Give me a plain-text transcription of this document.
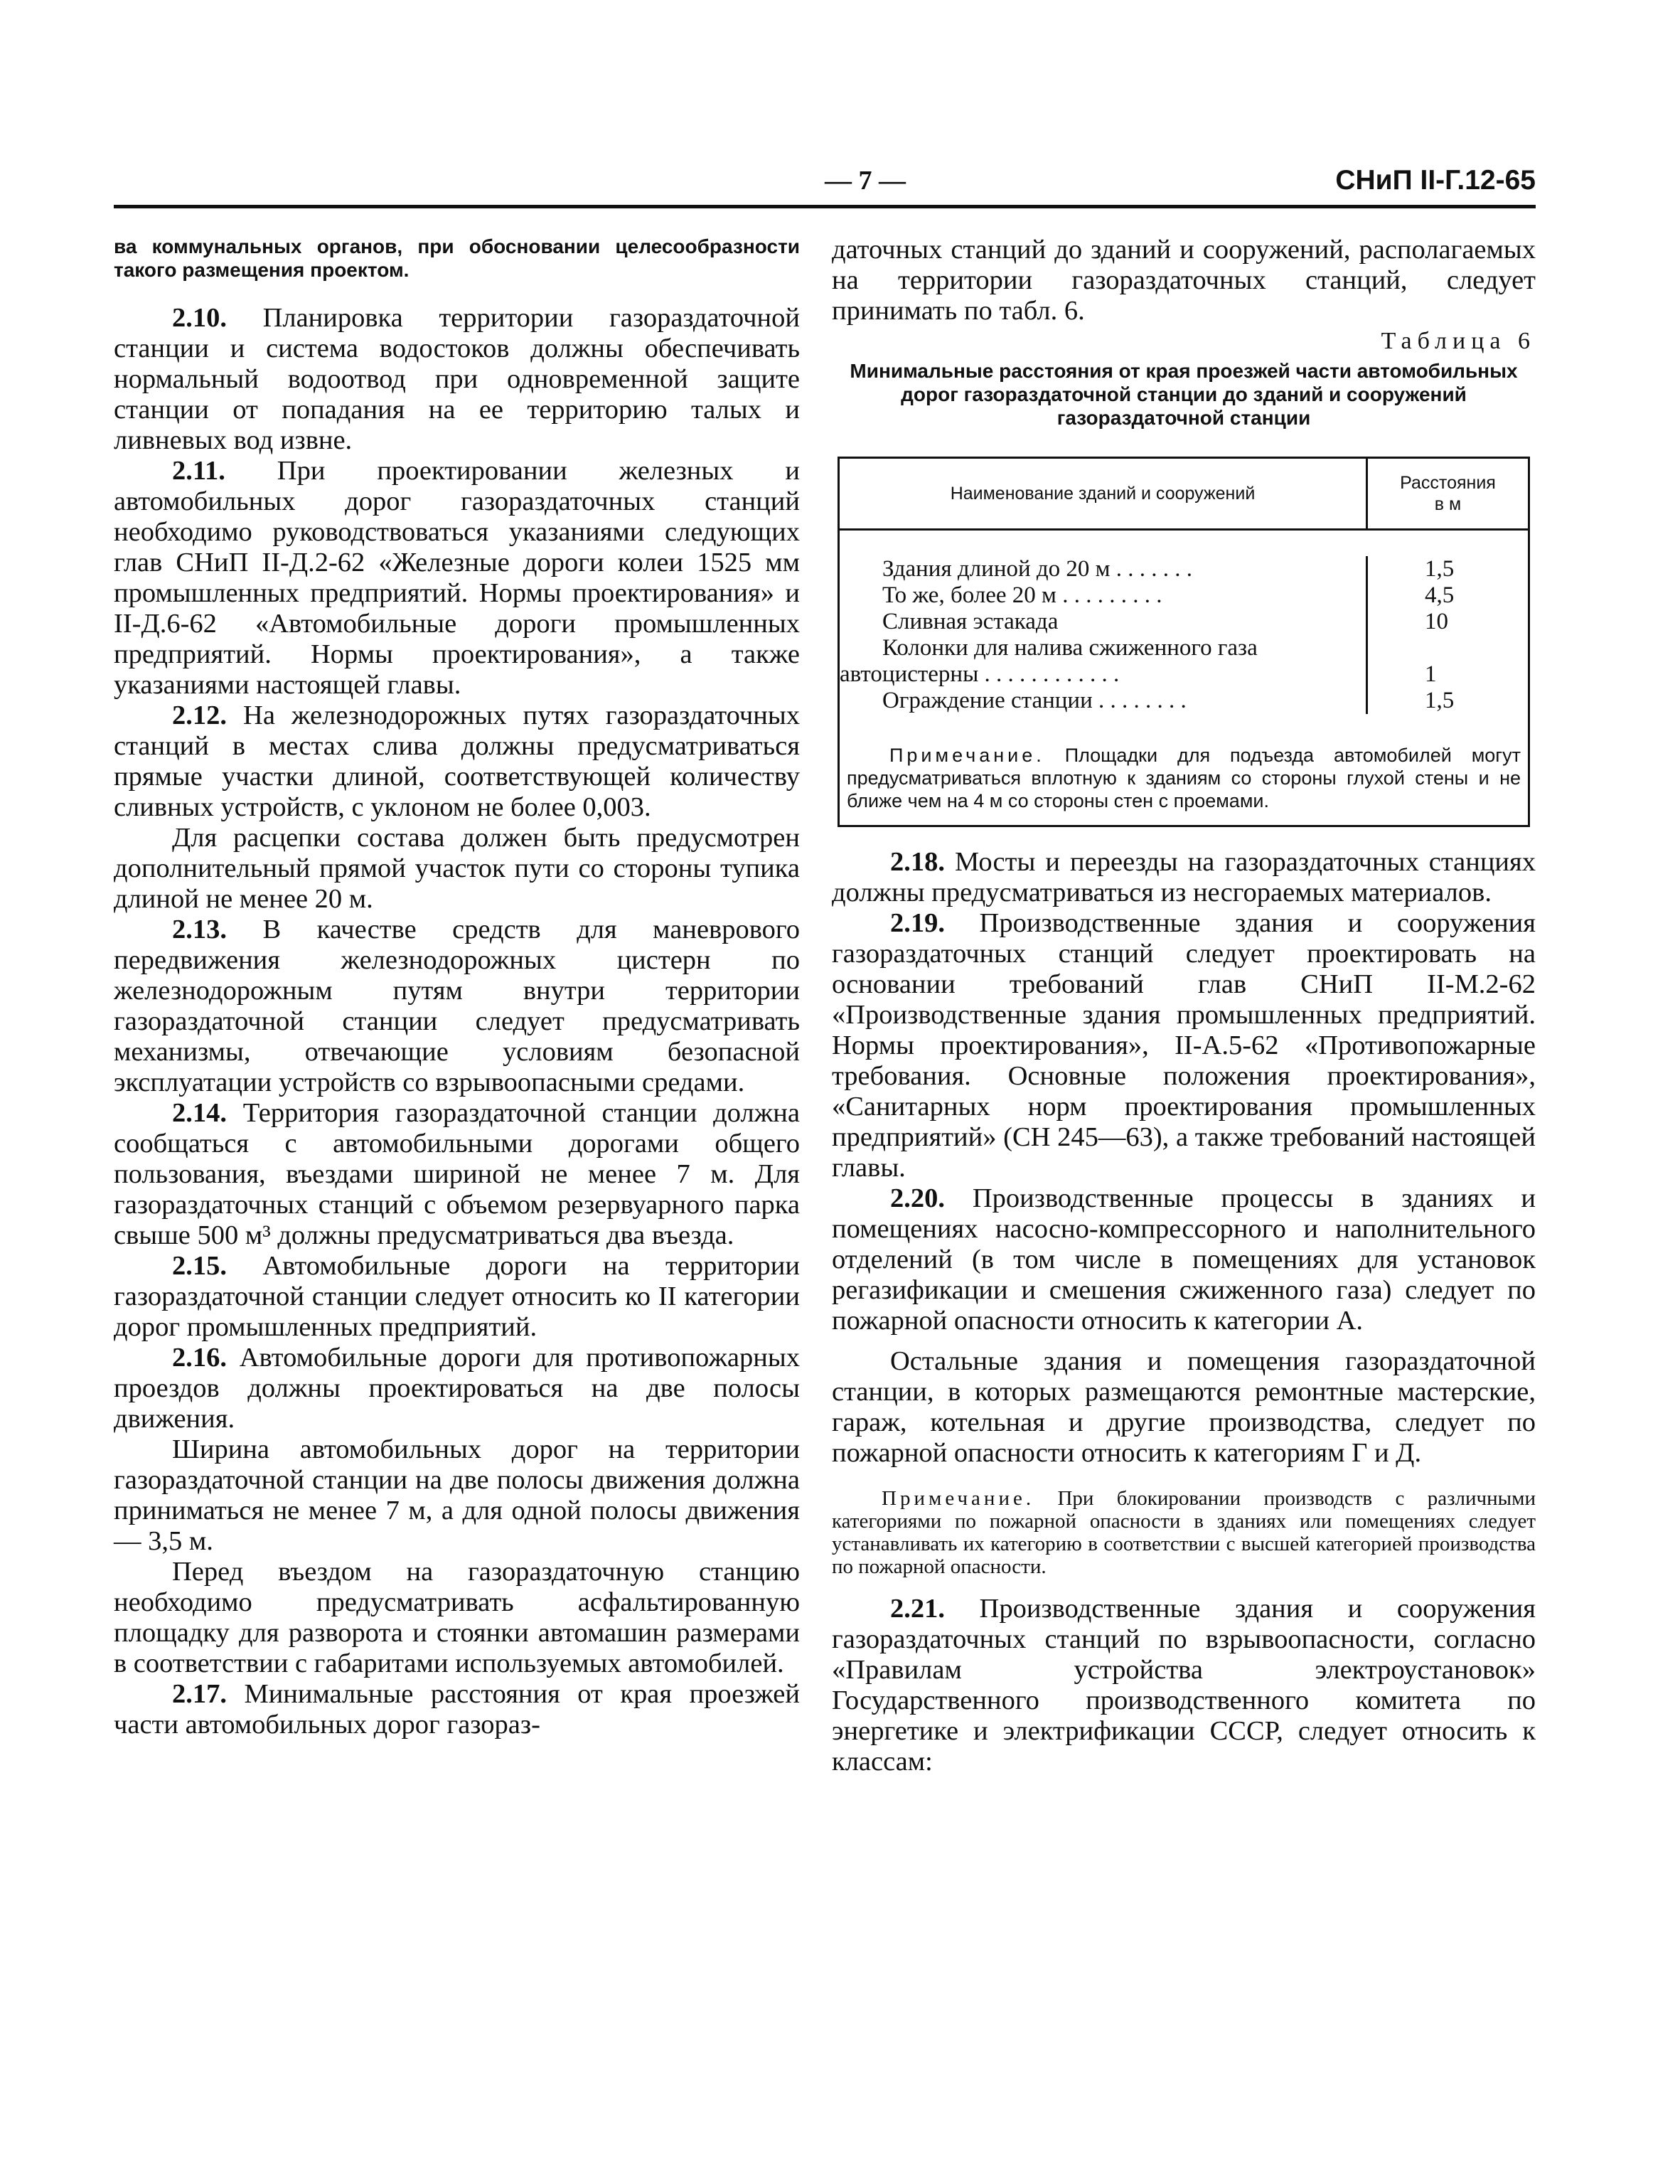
— 7 —	СНиП II-Г.12-65

ва коммунальных органов, при обосновании целесообразности такого размещения проектом.

2.10. Планировка территории газораздаточной станции и система водостоков должны обеспечивать нормальный водоотвод при одновременной защите станции от попадания на ее территорию талых и ливневых вод извне.

2.11. При проектировании железных и автомобильных дорог газораздаточных станций необходимо руководствоваться указаниями следующих глав СНиП II-Д.2-62 «Железные дороги колеи 1525 мм промышленных предприятий. Нормы проектирования» и II-Д.6-62 «Автомобильные дороги промышленных предприятий. Нормы проектирования», а также указаниями настоящей главы.

2.12. На железнодорожных путях газораздаточных станций в местах слива должны предусматриваться прямые участки длиной, соответствующей количеству сливных устройств, с уклоном не более 0,003.

Для расцепки состава должен быть предусмотрен дополнительный прямой участок пути со стороны тупика длиной не менее 20 м.

2.13. В качестве средств для маневрового передвижения железнодорожных цистерн по железнодорожным путям внутри территории газораздаточной станции следует предусматривать механизмы, отвечающие условиям безопасной эксплуатации устройств со взрывоопасными средами.

2.14. Территория газораздаточной станции должна сообщаться с автомобильными дорогами общего пользования, въездами шириной не менее 7 м. Для газораздаточных станций с объемом резервуарного парка свыше 500 м³ должны предусматриваться два въезда.

2.15. Автомобильные дороги на территории газораздаточной станции следует относить ко II категории дорог промышленных предприятий.

2.16. Автомобильные дороги для противопожарных проездов должны проектироваться на две полосы движения.

Ширина автомобильных дорог на территории газораздаточной станции на две полосы движения должна приниматься не менее 7 м, а для одной полосы движения — 3,5 м.

Перед въездом на газораздаточную станцию необходимо предусматривать асфальтированную площадку для разворота и стоянки автомашин размерами в соответствии с габаритами используемых автомобилей.

2.17. Минимальные расстояния от края проезжей части автомобильных дорог газораз-

даточных станций до зданий и сооружений, располагаемых на территории газораздаточных станций, следует принимать по табл. 6.

Таблица 6
Минимальные расстояния от края проезжей части автомобильных дорог газораздаточной станции до зданий и сооружений газораздаточной станции
Наименование зданий и сооружений
Расстояния
в м
Здания длиной до 20 м . . . . . . .
То же, более 20 м . . . . . . . . .
Сливная эстакада
Колонки для налива сжиженного газа
автоцистерны . . . . . . . . . . . .
Ограждение станции . . . . . . . .
1,5
4,5
10
1
1,5
Примечание. Площадки для подъезда автомобилей могут предусматриваться вплотную к зданиям со стороны глухой стены и не ближе чем на 4 м со стороны стен с проемами.

2.18. Мосты и переезды на газораздаточных станциях должны предусматриваться из несгораемых материалов.

2.19. Производственные здания и сооружения газораздаточных станций следует проектировать на основании требований глав СНиП II-М.2-62 «Производственные здания промышленных предприятий. Нормы проектирования», II-А.5-62 «Противопожарные требования. Основные положения проектирования», «Санитарных норм проектирования промышленных предприятий» (СН 245—63), а также требований настоящей главы.

2.20. Производственные процессы в зданиях и помещениях насосно-компрессорного и наполнительного отделений (в том числе в помещениях для установок регазификации и смешения сжиженного газа) следует по пожарной опасности относить к категории А.

Остальные здания и помещения газораздаточной станции, в которых размещаются ремонтные мастерские, гараж, котельная и другие производства, следует по пожарной опасности относить к категориям Г и Д.

Примечание. При блокировании производств с различными категориями по пожарной опасности в зданиях или помещениях следует устанавливать их категорию в соответствии с высшей категорией производства по пожарной опасности.

2.21. Производственные здания и сооружения газораздаточных станций по взрывоопасности, согласно «Правилам устройства электроустановок» Государственного производственного комитета по энергетике и электрификации СССР, следует относить к классам:
